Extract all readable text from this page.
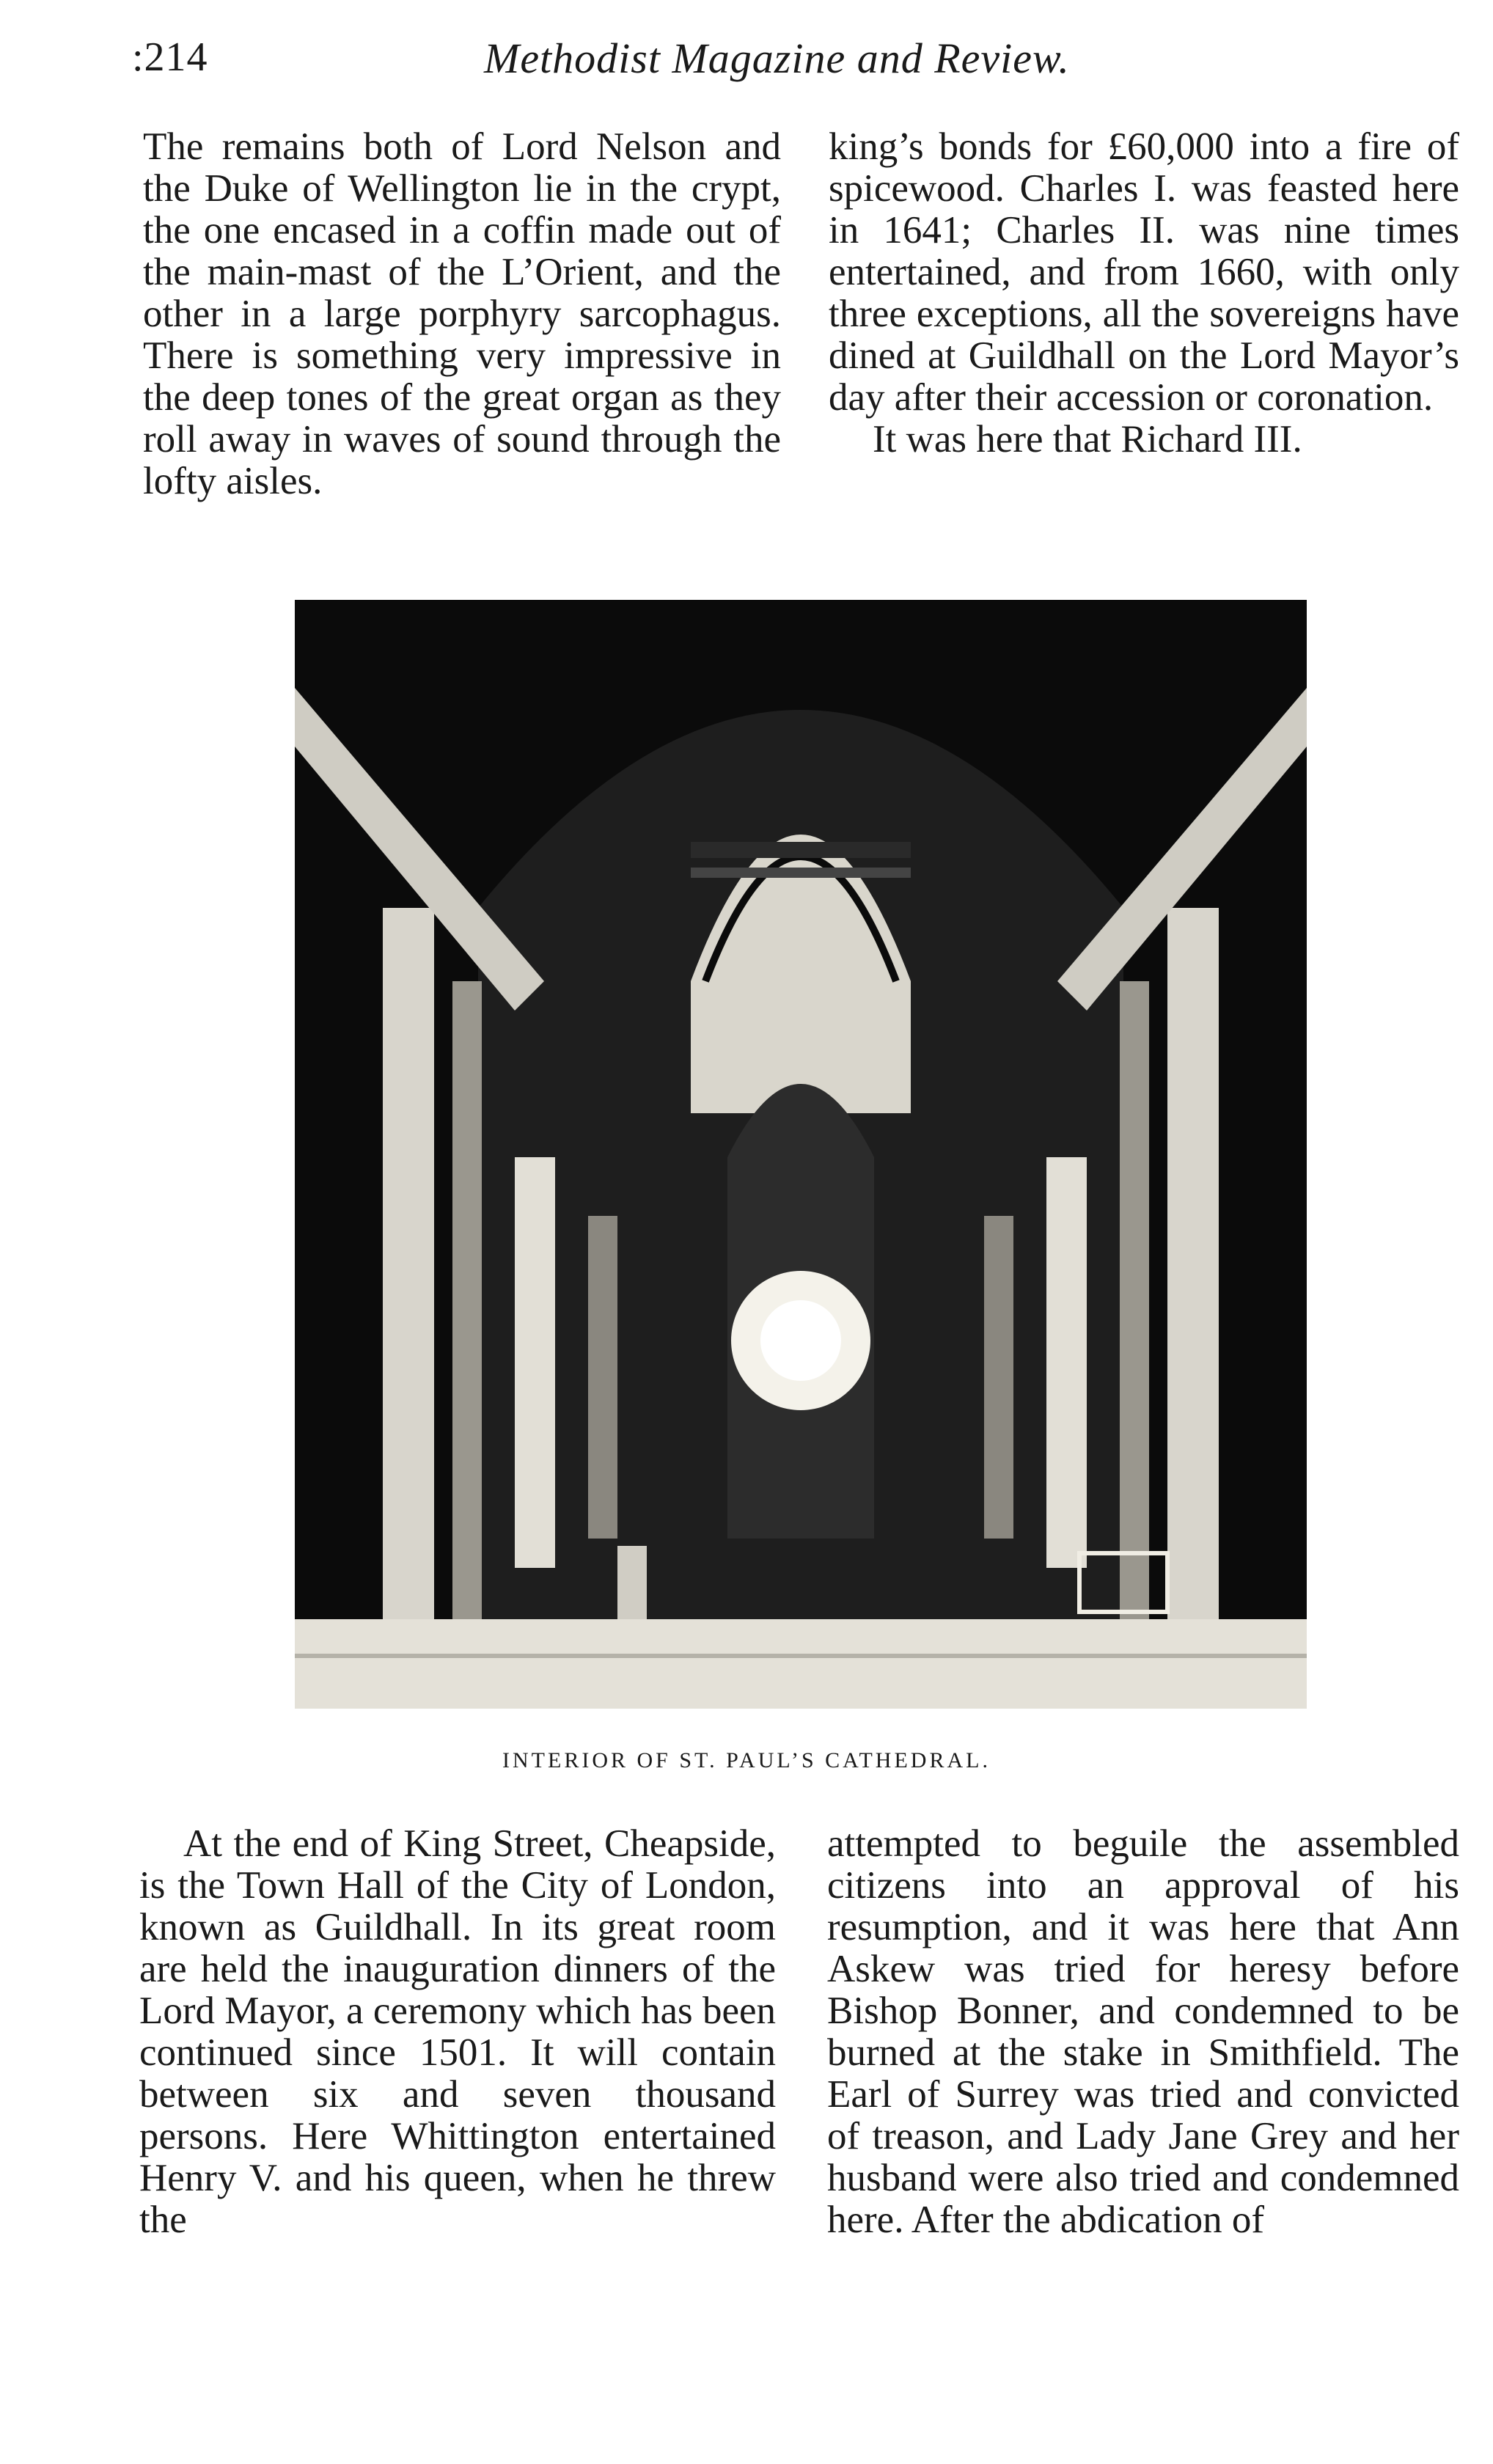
:214	Methodist Magazine and Review.

The remains both of Lord Nelson and the Duke of Wellington lie in the crypt, the one encased in a coffin made out of the main-mast of the L’Orient, and the other in a large porphyry sarcophagus. There is something very impressive in the deep tones of the great organ as they roll away in waves of sound through the lofty aisles.

king’s bonds for £60,000 into a fire of spicewood. Charles I. was feasted here in 1641; Charles II. was nine times entertained, and from 1660, with only three exceptions, all the sovereigns have dined at Guildhall on the Lord Mayor’s day after their accession or coronation.

It was here that Richard III.

INTERIOR OF ST. PAUL’S CATHEDRAL.

At the end of King Street, Cheapside, is the Town Hall of the City of London, known as Guildhall. In its great room are held the inauguration dinners of the Lord Mayor, a ceremony which has been continued since 1501. It will contain between six and seven thousand persons. Here Whittington entertained Henry V. and his queen, when he threw the

attempted to beguile the assembled citizens into an approval of his resumption, and it was here that Ann Askew was tried for heresy before Bishop Bonner, and condemned to be burned at the stake in Smithfield. The Earl of Surrey was tried and convicted of treason, and Lady Jane Grey and her husband were also tried and condemned here. After the abdication of
